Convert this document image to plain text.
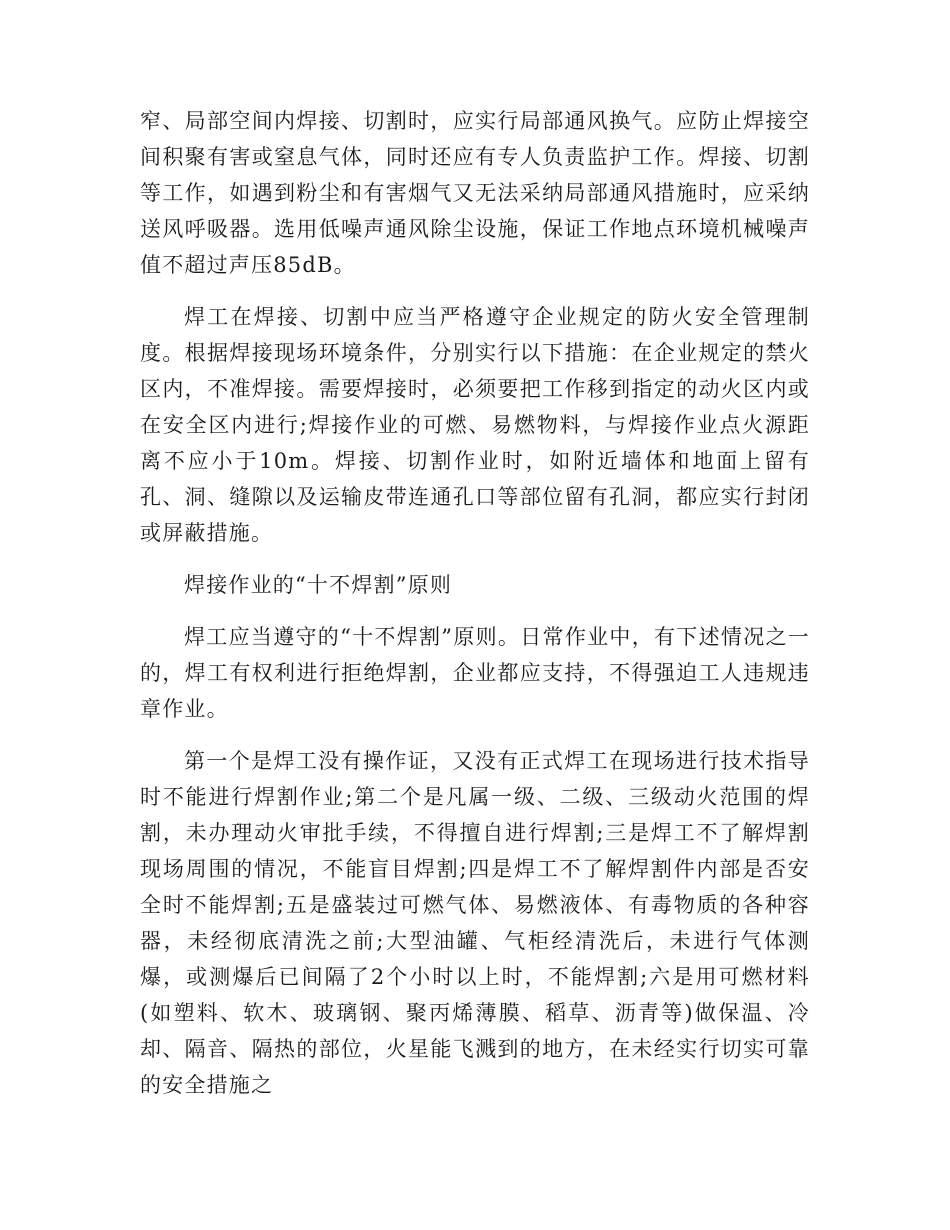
窄、局部空间内焊接、切割时，应实行局部通风换气。应防止焊接空间积聚有害或窒息气体，同时还应有专人负责监护工作。焊接、切割等工作，如遇到粉尘和有害烟气又无法采纳局部通风措施时，应采纳送风呼吸器。选用低噪声通风除尘设施，保证工作地点环境机械噪声值不超过声压85dB。

焊工在焊接、切割中应当严格遵守企业规定的防火安全管理制度。根据焊接现场环境条件，分别实行以下措施：在企业规定的禁火区内，不准焊接。需要焊接时，必须要把工作移到指定的动火区内或在安全区内进行;焊接作业的可燃、易燃物料，与焊接作业点火源距离不应小于10m。焊接、切割作业时，如附近墙体和地面上留有孔、洞、缝隙以及运输皮带连通孔口等部位留有孔洞，都应实行封闭或屏蔽措施。

焊接作业的“十不焊割”原则

焊工应当遵守的“十不焊割”原则。日常作业中，有下述情况之一的，焊工有权利进行拒绝焊割，企业都应支持，不得强迫工人违规违章作业。

第一个是焊工没有操作证，又没有正式焊工在现场进行技术指导时不能进行焊割作业;第二个是凡属一级、二级、三级动火范围的焊割，未办理动火审批手续，不得擅自进行焊割;三是焊工不了解焊割现场周围的情况，不能盲目焊割;四是焊工不了解焊割件内部是否安全时不能焊割;五是盛装过可燃气体、易燃液体、有毒物质的各种容器，未经彻底清洗之前;大型油罐、气柜经清洗后，未进行气体测爆，或测爆后已间隔了2个小时以上时，不能焊割;六是用可燃材料(如塑料、软木、玻璃钢、聚丙烯薄膜、稻草、沥青等)做保温、冷却、隔音、隔热的部位，火星能飞溅到的地方，在未经实行切实可靠的安全措施之
